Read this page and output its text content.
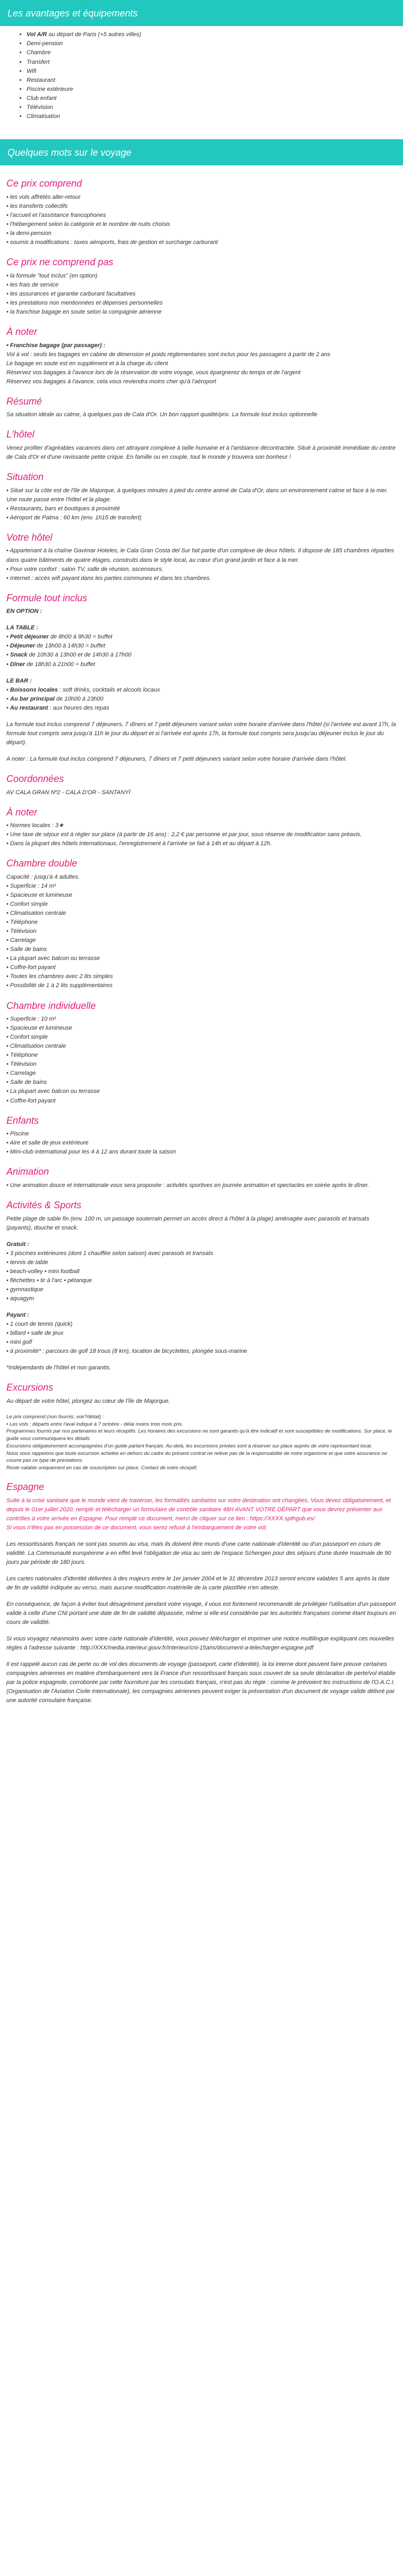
Les avantages et équipements
• Vol A/R au départ de Paris (+5 autres villes)
• Demi-pension
• Chambre
• Transfert
• Wifi
• Restaurant
• Piscine extérieure
• Club enfant
• Télévision
• Climatisation
Quelques mots sur le voyage
Ce prix comprend
• les vols affrétés aller-retour
• les transferts collectifs
• l'accueil et l'assistance francophones
• l'hébergement selon la catégorie et le nombre de nuits choisis
• la demi-pension
• soumis à modifications : taxes aéroports, frais de gestion et surcharge carburant
Ce prix ne comprend pas
• la formule "tout inclus" (en option)
• les frais de service
• les assurances et garantie carburant facultatives
• les prestations non mentionnées et dépenses personnelles
• la franchise bagage en soute selon la compagnie aérienne
À noter

• Franchise bagage (par passager) :

Vol à vol : seuls les bagages en cabine de dimension et poids réglementaires sont inclus pour les passagers à partir de 2 ans

Le bagage en soute est en supplément et à la charge du client

Réservez vos bagages à l'avance lors de la réservation de votre voyage, vous épargnerez du temps et de l'argent

Réservez vos bagages à l'avance, cela vous reviendra moins cher qu'à l'aéroport

Résumé

Sa situation idéale au calme, à quelques pas de Cala d'Or. Un bon rapport qualité/prix. La formule tout inclus optionnelle

L'hôtel

Venez profiter d'agréables vacances dans cet attrayant complexe à taille humaine et à l'ambiance décontractée. Situé à proximité immédiate du centre de Cala d'Or et d'une ravissante petite crique. En famille ou en couple, tout le monde y trouvera son bonheur !

Situation

• Situé sur la côte est de l'île de Majorque, à quelques minutes à pied du centre animé de Cala d'Or, dans un environnement calme et face à la mer. Une route passe entre l'hôtel et la plage.

• Restaurants, bars et boutiques à proximité

• Aéroport de Palma : 60 km (env. 1h15 de transfert)

Votre hôtel

• Appartenant à la chaîne Gavimar Hoteles, le Cala Gran Costa del Sur fait partie d'un complexe de deux hôtels. Il dispose de 185 chambres réparties dans quatre bâtiments de quatre étages, construits dans le style local, au cœur d'un grand jardin et face à la mer.

• Pour votre confort : salon TV, salle de réunion, ascenseurs.

• Internet : accès wifi payant dans les parties communes et dans les chambres.

Formule tout inclus

EN OPTION :

LA TABLE :

• Petit déjeuner de 8h00 à 9h30 = buffet

• Déjeuner de 13h00 à 14h30 = buffet

• Snack de 10h30 à 13h00 et de 14h30 à 17h00

• Dîner de 18h30 à 21h00 = buffet

LE BAR :

• Boissons locales : soft drinks, cocktails et alcools locaux

• Au bar principal de 10h00 à 23h00

• Au restaurant : aux heures des repas

La formule tout inclus comprend 7 déjeuners, 7 dîners et 7 petit déjeuners variant selon votre horaire d'arrivée dans l'hôtel (si l'arrivée est avant 17h, la formule tout compris sera jusqu'à 11h le jour du départ et si l'arrivée est après 17h, la formule tout compris sera jusqu'au déjeuner inclus le jour du départ).

A noter : La formule tout inclus comprend 7 déjeuners, 7 dîners et 7 petit déjeuners variant selon votre horaire d'arrivée dans l'hôtel.

Coordonnées

AV CALA GRAN Nº2 - CALA D'OR - SANTANYÍ

À noter

• Normes locales : 3★

• Une taxe de séjour est à régler sur place (à partir de 16 ans) : 2,2 € par personne et par jour, sous réserve de modification sans préavis.

• Dans la plupart des hôtels internationaux, l'enregistrement à l'arrivée se fait à 14h et au départ à 12h.

Chambre double

Capacité : jusqu'à 4 adultes.

• Superficie : 14 m²

• Spacieuse et lumineuse

• Confort simple

• Climatisation centrale

• Téléphone

• Télévision

• Carrelage

• Salle de bains

• La plupart avec balcon ou terrasse

• Coffre-fort payant

• Toutes les chambres avec 2 lits simples

• Possibilité de 1 à 2 lits supplémentaires

Chambre individuelle

• Superficie : 10 m²

• Spacieuse et lumineuse

• Confort simple

• Climatisation centrale

• Téléphone

• Télévision

• Carrelage

• Salle de bains

• La plupart avec balcon ou terrasse

• Coffre-fort payant

Enfants

• Piscine

• Aire et salle de jeux extérieure

• Mini-club international pour les 4 à 12 ans durant toute la saison

Animation

• Une animation douce et internationale vous sera proposée : activités sportives en journée animation et spectacles en soirée après le dîner.

Activités & Sports

Petite plage de sable fin (env. 100 m, un passage souterrain permet un accès direct à l'hôtel à la plage) aménagée avec parasols et transats (payants), douche et snack.

Gratuit :

• 3 piscines extérieures (dont 1 chauffée selon saison) avec parasols et transats

• tennis de table

• beach-volley • mini football

• fléchettes • tir à l'arc • pétanque

• gymnastique

• aquagym

Payant :

• 1 court de tennis (quick)

• billard • salle de jeux

• mini golf

• à proximité* : parcours de golf 18 trous (8 km), location de bicyclettes, plongée sous-marine

*Indépendants de l'hôtel et non garantis.

Excursions

Au départ de votre hôtel, plongez au cœur de l'île de Majorque.

Le prix comprend (non fournis, voir?détail) :

• Les vols : départs entre l'aval indiqué à 7 octobre - délai moins trois mois pris.

Programmes fournis par nos partenaires et leurs réceptifs. Les horaires des excursions ne sont garantis qu'à titre indicatif et sont susceptibles de modifications. Sur place, le guide vous communiquera les détails.

Excursions obligatoirement accompagnées d'un guide parlant français. Au-delà, les excursions privées sont à réserver sur place auprès de votre représentant local.

Nous vous rappelons que toute excursion achetée en dehors du cadre du présent contrat ne relève pas de la responsabilité de notre organisme et que votre assurance ne couvre pas ce type de prestations.

Reste valable uniquement en cas de souscription sur place. Contact de votre réceptif.

Espagne

Suite à la crise sanitaire que le monde vient de traverser, les formalités sanitaires sur votre destination ont changées. Vous devez obligatoirement, et depuis le 01er juillet 2020, remplir et télécharger un formulaire de contrôle sanitaire 48H AVANT VOTRE DÉPART que vous devrez présenter aux contrôles à votre arrivée en Espagne. Pour remplir ce document, merci de cliquer sur ce lien : https://XXXX.spthgob.es/

Si vous n'êtes pas en possession de ce document, vous serez refusé à l'embarquement de votre vol.

Les ressortissants français ne sont pas soumis au visa, mais ils doivent être munis d'une carte nationale d'identité ou d'un passeport en cours de validité. La Communauté européenne a en effet levé l'obligation de visa au sein de l'espace Schengen pour des séjours d'une durée maximale de 90 jours par période de 180 jours.

Les cartes nationales d'identité délivrées à des majeurs entre le 1er janvier 2004 et le 31 décembre 2013 seront encore valables 5 ans après la date de fin de validité indiquée au verso, mais aucune modification matérielle de la carte plastifiée n'en atteste.

En conséquence, de façon à éviter tout désagrément pendant votre voyage, il vous est fortement recommandé de privilégier l'utilisation d'un passeport valide à celle d'une CNI portant une date de fin de validité dépassée, même si elle est considérée par les autorités françaises comme étant toujours en cours de validité.

Si vous voyagez néanmoins avec votre carte nationale d'identité, vous pouvez télécharger et imprimer une notice multilingue expliquant ces nouvelles règles à l'adresse suivante : http://XXX/media.interieur.gouv.fr/interieur/cni-15ans/document-a-telecharger-espagne.pdf

Il est rappelé aucun cas de perte ou de vol des documents de voyage (passeport, carte d'identité), la loi interne dont peuvent faire preuve certaines compagnies aériennes en matière d'embarquement vers la France d'un ressortissant français sous couvert de sa seule déclaration de perte/vol établie par la police espagnole, corroborée par cette fourniture par les consulats français, n'est pas du règle : comme le prévoient les instructions de l'O.A.C.I. (Organisation de l'Aviation Civile Internationale), les compagnies aériennes peuvent exiger la présentation d'un document de voyage valide délivré par une autorité consulaire française.
